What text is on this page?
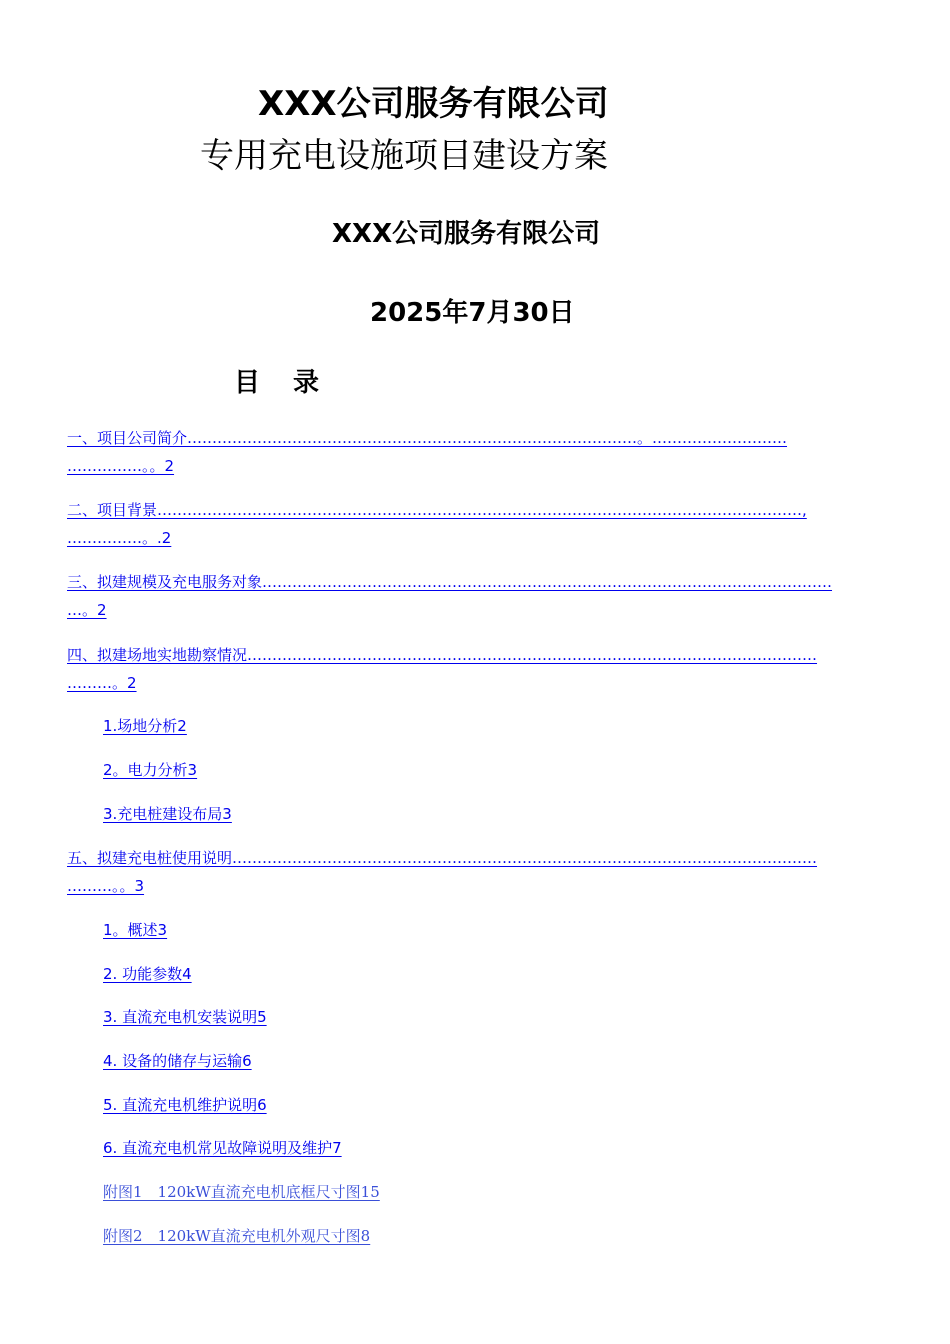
XXX公司服务有限公司
专用充电设施项目建设方案
XXX公司服务有限公司
2025年7月30日
目 录
一、项目公司简介………………………………………………………………………………。………………………
……………。。2
二、项目背景…………………………………………………………………………………………………………………,
……………。.2
三、拟建规模及充电服务对象……………………………………………………………………………………………………
…。2
四、拟建场地实地勘察情况……………………………………………………………………………………………………
………。2
1.场地分析2
2。电力分析3
3.充电桩建设布局3
五、拟建充电桩使用说明………………………………………………………………………………………………………
………。。3
1。概述3
2. 功能参数4
3. 直流充电机安装说明5
4. 设备的储存与运输6
5. 直流充电机维护说明6
6. 直流充电机常见故障说明及维护7
附图1　120kW直流充电机底框尺寸图15
附图2　120kW直流充电机外观尺寸图8
